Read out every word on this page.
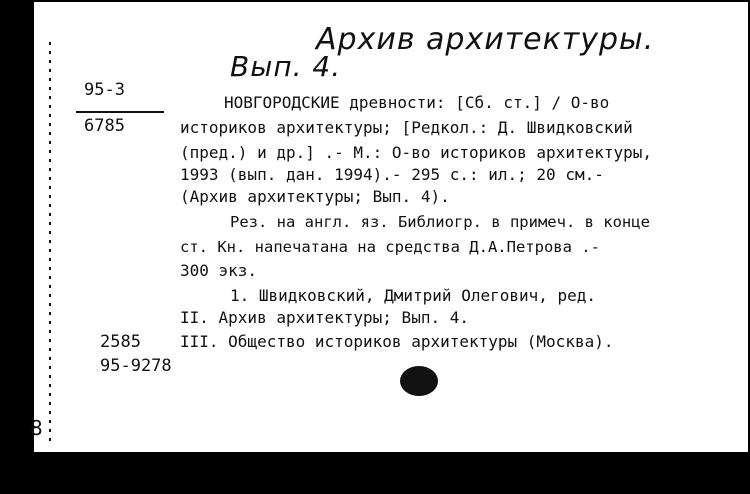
Архив архитектуры.
Вып. 4.
95-3
6785
НОВГОРОДСКИЕ древности: [Сб. ст.] / О-во
историков архитектуры; [Редкол.: Д. Швидковский
(пред.) и др.] .- М.: О-во историков архитектуры,
1993 (вып. дан. 1994).- 295 с.: ил.; 20 см.-
(Архив архитектуры; Вып. 4).
Рез. на англ. яз. Библиогр. в примеч. в конце
ст. Кн. напечатана на средства Д.А.Петрова .-
300 экз.
1. Швидковский, Дмитрий Олегович, ред.
II. Архив архитектуры; Вып. 4.
2585 III. Общество историков архитектуры (Москва).
95-9278
8
